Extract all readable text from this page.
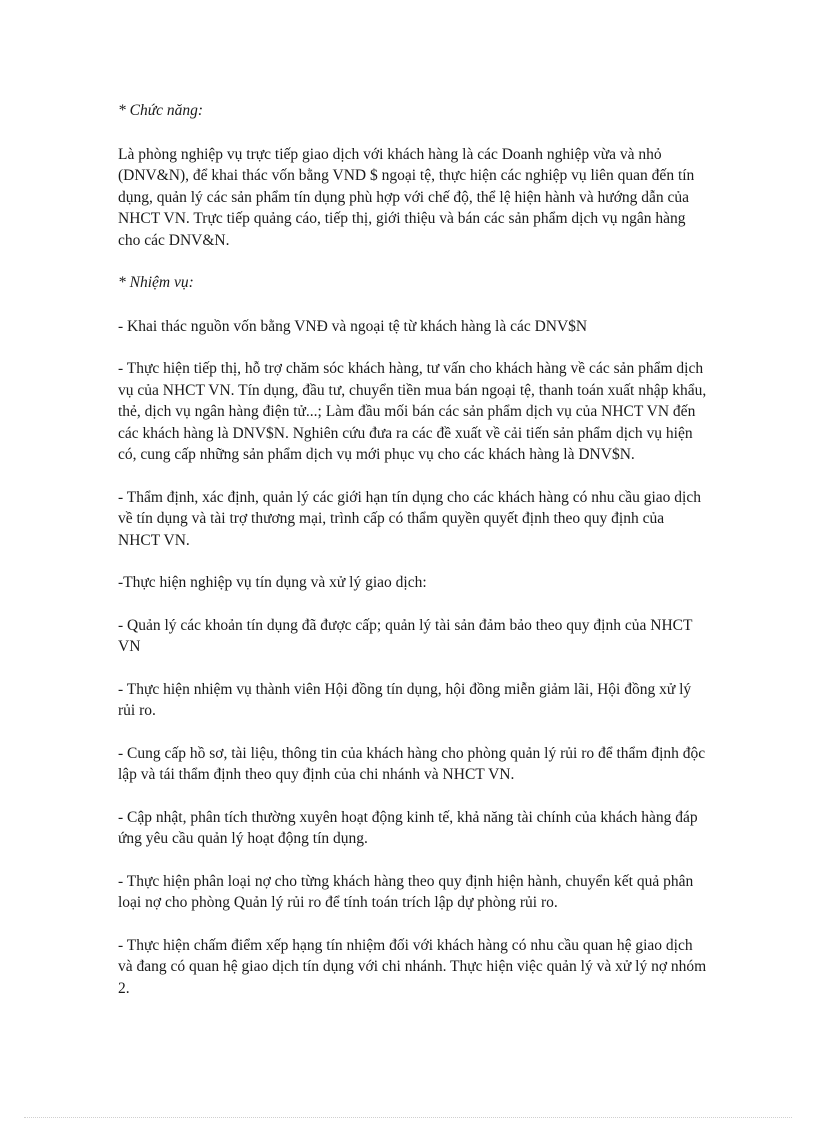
* Chức năng:

Là phòng nghiệp vụ trực tiếp giao dịch với khách hàng là các Doanh nghiệp vừa và nhỏ (DNV&N), để khai thác vốn bằng VND $ ngoại tệ, thực hiện các nghiệp vụ liên quan đến tín dụng, quản lý các sản phẩm tín dụng phù hợp với chế độ, thể lệ hiện hành và hướng dẫn của NHCT VN. Trực tiếp quảng cáo, tiếp thị, giới thiệu và bán các sản phẩm dịch vụ ngân hàng cho các DNV&N.

* Nhiệm vụ:

- Khai thác nguồn vốn bằng VNĐ và ngoại tệ từ khách hàng là các DNV$N

- Thực hiện tiếp thị, hỗ trợ chăm sóc khách hàng, tư vấn cho khách hàng về các sản phẩm dịch vụ của NHCT VN. Tín dụng, đầu tư, chuyển tiền mua bán ngoại tệ, thanh toán xuất nhập khẩu, thẻ, dịch vụ ngân hàng điện tử...; Làm đầu mối bán các sản phẩm dịch vụ của NHCT VN đến các khách hàng là DNV$N. Nghiên cứu đưa ra các đề xuất về cải tiến sản phẩm dịch vụ hiện có, cung cấp những sản phẩm dịch vụ mới phục vụ cho các khách hàng là DNV$N.

- Thẩm định, xác định, quản lý các giới hạn tín dụng cho các khách hàng có nhu cầu giao dịch về tín dụng và tài trợ thương mại, trình cấp có thẩm quyền quyết định theo quy định của NHCT VN.

-Thực hiện nghiệp vụ tín dụng và xử lý giao dịch:

- Quản lý các khoản tín dụng đã được cấp; quản lý tài sản đảm bảo theo quy định của NHCT VN

- Thực hiện nhiệm vụ thành viên Hội đồng tín dụng, hội đồng miễn giảm lãi, Hội đồng xử lý rủi ro.

- Cung cấp hồ sơ, tài liệu, thông tin của khách hàng cho phòng quản lý rủi ro để thẩm định độc lập và tái thẩm định theo quy định của chi nhánh và NHCT VN.

- Cập nhật, phân tích thường xuyên hoạt động kinh tế, khả năng tài chính của khách hàng đáp ứng yêu cầu quản lý hoạt động tín dụng.

- Thực hiện phân loại nợ cho từng khách hàng theo quy định hiện hành, chuyển kết quả phân loại nợ cho phòng Quản lý rủi ro để tính toán trích lập dự phòng rủi ro.

- Thực hiện chấm điểm xếp hạng tín nhiệm đối với khách hàng có nhu cầu quan hệ giao dịch và đang có quan hệ giao dịch tín dụng với chi nhánh. Thực hiện việc quản lý và xử lý nợ nhóm 2.
